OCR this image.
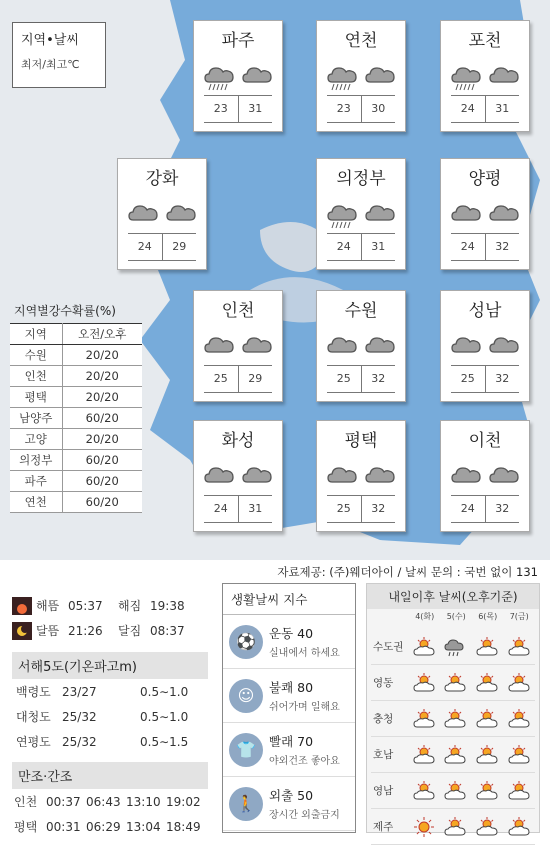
지역•날씨
최저/최고℃
파주
23	31
연천
23	30
포천
24	31
강화
24	29
의정부
24	31
양평
24	32
인천
25	29
수원
25	32
성남
25	32
화성
24	31
평택
25	32
이천
24	32
지역별강수확률(%)
지역	오전/오후
수원	20/20
인천	20/20
평택	20/20
남양주	60/20
고양	20/20
의정부	60/20
파주	60/20
연천	60/20
자료제공: (주)웨더아이 / 날씨 문의 : 국번 없이 131
해뜸 05:37	해짐 19:38
달뜸 21:26	달짐 08:37
서해5도(기온파고m)
백령도 23/27	0.5∼1.0
대청도 25/32	0.5∼1.0
연평도 25/32	0.5∼1.5
만조·간조
인천 00:37 06:43 13:10 19:02
평택 00:31 06:29 13:04 18:49
생활날씨 지수
⚽ 운동 40
실내에서 하세요
☺ 불쾌 80
쉬어가며 일해요
👕 빨래 70
야외건조 좋아요
🚶 외출 50
장시간 외출금지
내일이후 날씨(오후기준)
4(화)	5(수)	6(목)	7(금)
수도권
영동
충청
호남
영남
제주
